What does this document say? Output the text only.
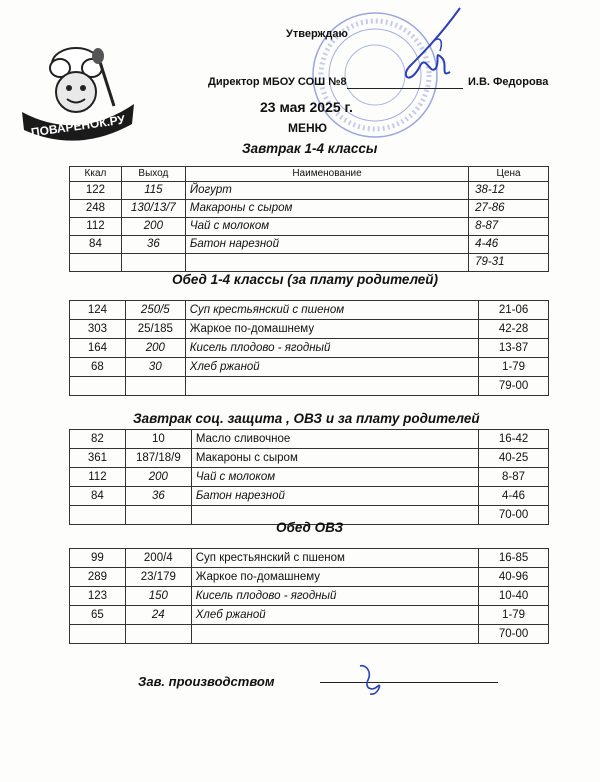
ПОВАРЁНОК.РУ
Утверждаю
Директор МБОУ СОШ №8	И.В. Федорова
23 мая 2025 г.
МЕНЮ
Завтрак 1-4 классы
Ккал	Выход	Наименование	Цена
122	115	Йогурт	38-12
248	130/13/7	Макароны с сыром	27-86
112	200	Чай с молоком	8-87
84	36	Батон нарезной	4-46
			79-31
Обед 1-4 классы (за плату родителей)
124	250/5	Суп крестьянский с пшеном	21-06
303	25/185	Жаркое по-домашнему	42-28
164	200	Кисель плодово - ягодный	13-87
68	30	Хлеб ржаной	1-79
			79-00
Завтрак соц. защита , ОВЗ и за плату родителей
82	10	Масло сливочное	16-42
361	187/18/9	Макароны с сыром	40-25
112	200	Чай с молоком	8-87
84	36	Батон нарезной	4-46
			70-00
Обед ОВЗ
99	200/4	Суп крестьянский с пшеном	16-85
289	23/179	Жаркое по-домашнему	40-96
123	150	Кисель плодово - ягодный	10-40
65	24	Хлеб ржаной	1-79
			70-00
Зав. производством
